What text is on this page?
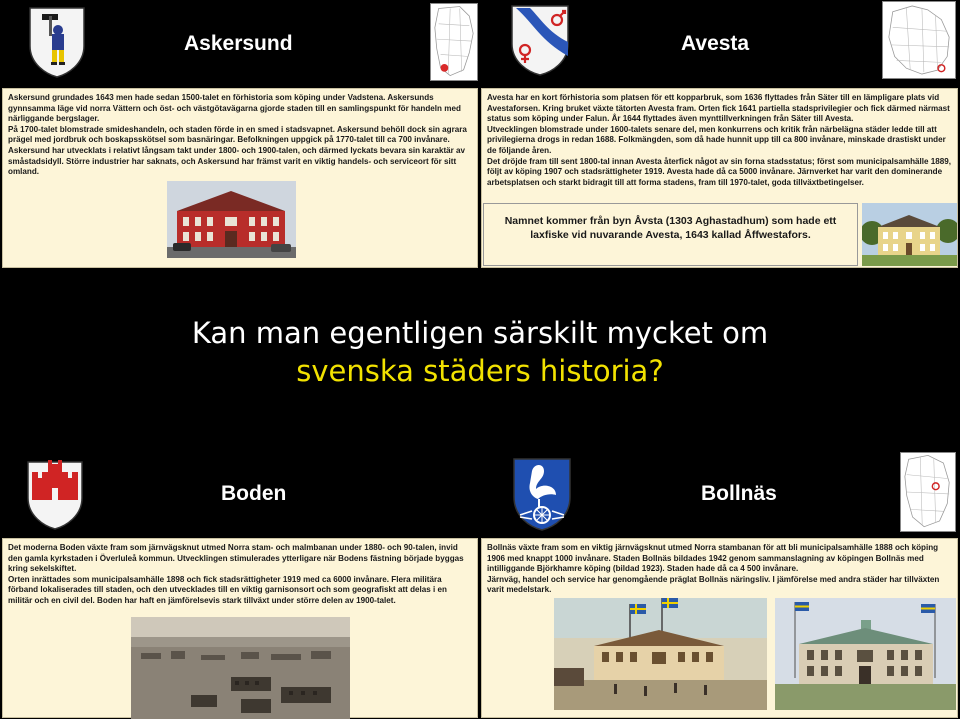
Askersund

Askersund grundades 1643 men hade sedan 1500-talet en förhistoria som köping under Vadstena. Askersunds gynnsamma läge vid norra Vättern och öst- och västgötavägarna gjorde staden till en samlingspunkt för handeln med närliggande bergslager.

På 1700-talet blomstrade smideshandeln, och staden förde in en smed i stadsvapnet. Askersund behöll dock sin agrara prägel med jordbruk och boskapsskötsel som basnäringar. Befolkningen uppgick på 1770-talet till ca 700 invånare.

Askersund har utvecklats i relativt långsam takt under 1800- och 1900-talen, och därmed lyckats bevara sin karaktär av småstadsidyll. Större industrier har saknats, och Askersund har främst varit en viktig handels- och serviceort för sitt omland.

Avesta

Avesta har en kort förhistoria som platsen för ett kopparbruk, som 1636 flyttades från Säter till en lämpligare plats vid Avestaforsen. Kring bruket växte tätorten Avesta fram. Orten fick 1641 partiella stadsprivilegier och fick därmed närmast status som köping under Falun. År 1644 flyttades även mynttillverkningen från Säter till Avesta.

Utvecklingen blomstrade under 1600-talets senare del, men konkurrens och kritik från närbelägna städer ledde till att privilegierna drogs in redan 1688. Folkmängden, som då hade hunnit upp till ca 800 invånare, minskade drastiskt under de följande åren.

Det dröjde fram till sent 1800-tal innan Avesta återfick något av sin forna stadsstatus; först som municipalsamhälle 1889, följt av köping 1907 och stadsrättigheter 1919. Avesta hade då ca 5000 invånare. Järnverket har varit den dominerande arbetsplatsen och starkt bidragit till att forma stadens, fram till 1970-talet, goda tillväxtbetingelser.

Namnet kommer från byn Åvsta (1303 Aghastadhum) som hade ett laxfiske vid nuvarande Avesta, 1643 kallad Åffwestafors.
Kan man egentligen särskilt mycket om
svenska städers historia?
Boden

Det moderna Boden växte fram som järnvägsknut utmed Norra stam- och malmbanan under 1880- och 90-talen, invid den gamla kyrkstaden i Överluleå kommun. Utvecklingen stimulerades ytterligare när Bodens fästning började byggas kring sekelskiftet.

Orten inrättades som municipalsamhälle 1898 och fick stadsrättigheter 1919 med ca 6000 invånare. Flera militära förband lokaliserades till staden, och den utvecklades till en viktig garnisonsort och som geografiskt att delas i en militär och en civil del. Boden har haft en jämförelsevis stark tillväxt under större delen av 1900-talet.

Bollnäs

Bollnäs växte fram som en viktig järnvägsknut utmed Norra stambanan för att bli municipalsamhälle 1888 och köping 1906 med knappt 1000 invånare. Staden Bollnäs bildades 1942 genom sammanslagning av köpingen Bollnäs med intilliggande Björkhamre köping (bildad 1923). Staden hade då ca 4 500 invånare.

Järnväg, handel och service har genomgående präglat Bollnäs näringsliv. I jämförelse med andra städer har tillväxten varit medelstark.
